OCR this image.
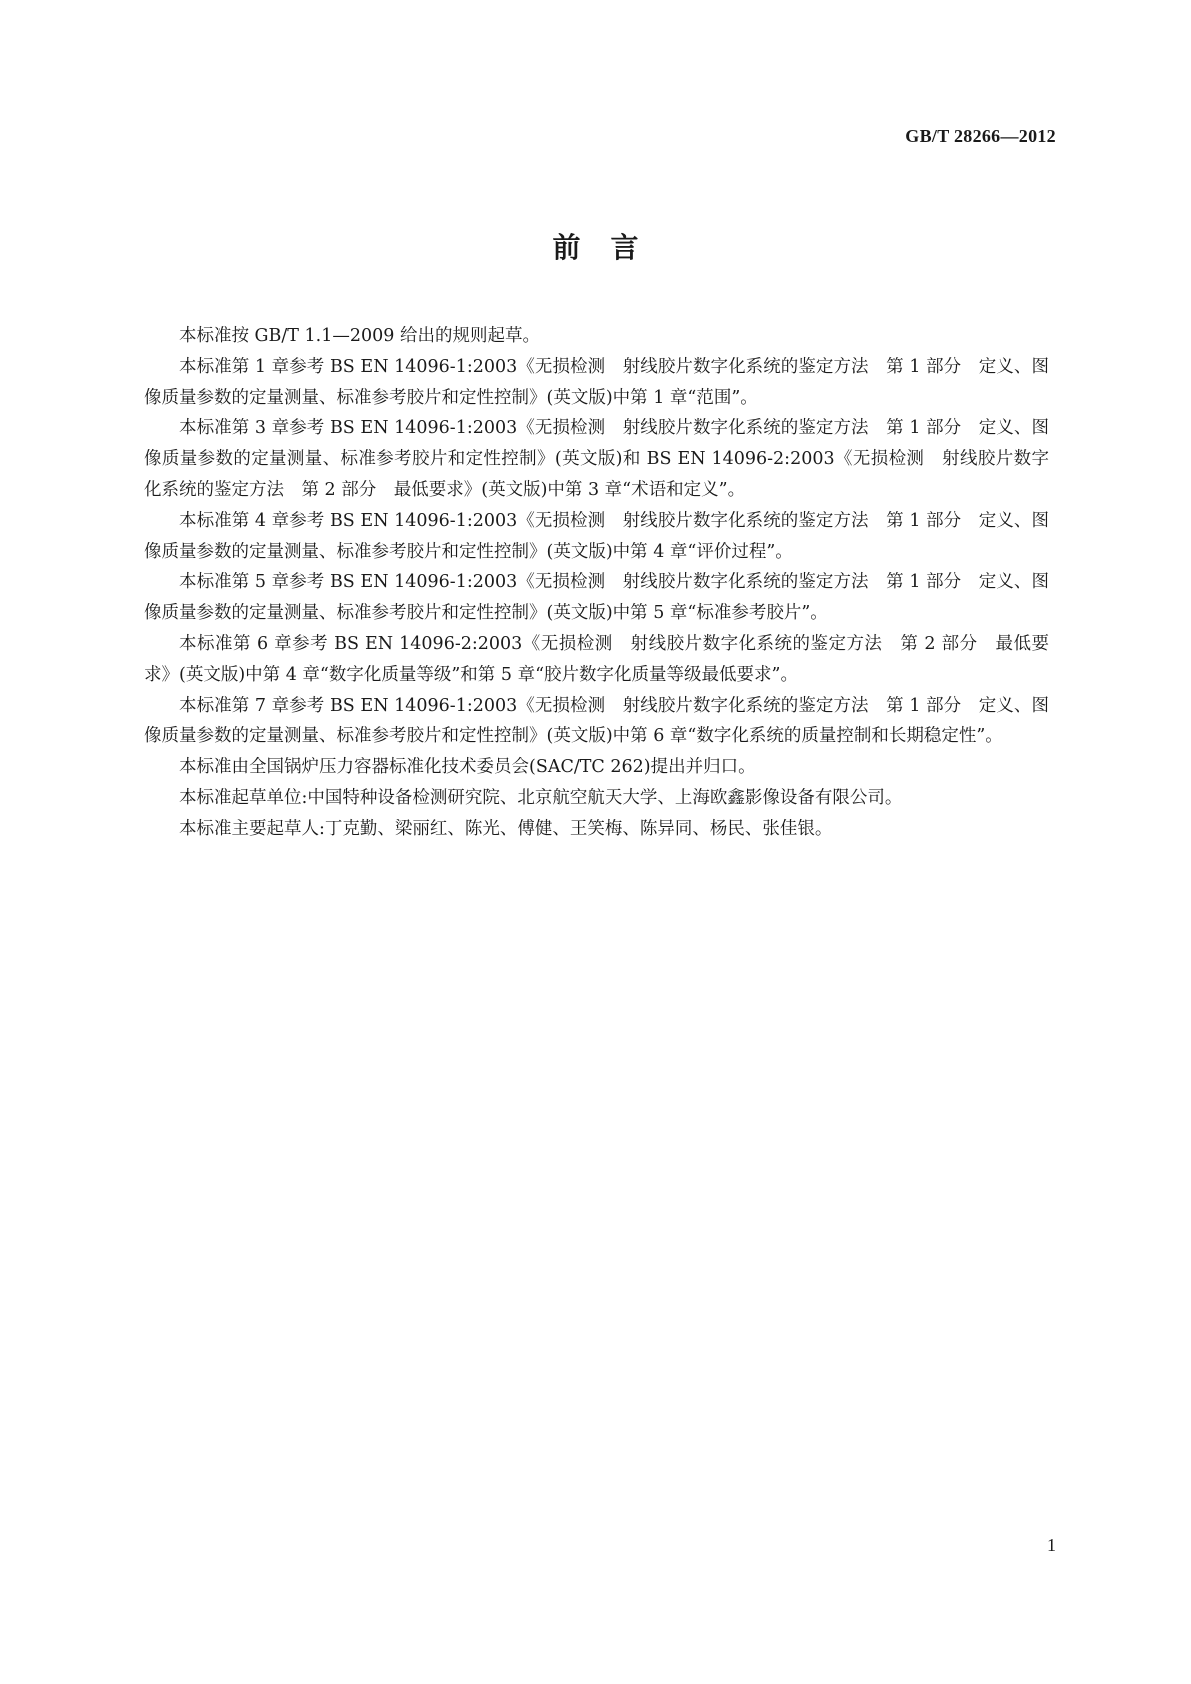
GB/T 28266—2012
前言

本标准按 GB/T 1.1—2009 给出的规则起草。

本标准第 1 章参考 BS EN 14096-1:2003《无损检测　射线胶片数字化系统的鉴定方法　第 1 部分　定义、图像质量参数的定量测量、标准参考胶片和定性控制》(英文版)中第 1 章“范围”。

本标准第 3 章参考 BS EN 14096-1:2003《无损检测　射线胶片数字化系统的鉴定方法　第 1 部分　定义、图像质量参数的定量测量、标准参考胶片和定性控制》(英文版)和 BS EN 14096-2:2003《无损检测　射线胶片数字化系统的鉴定方法　第 2 部分　最低要求》(英文版)中第 3 章“术语和定义”。

本标准第 4 章参考 BS EN 14096-1:2003《无损检测　射线胶片数字化系统的鉴定方法　第 1 部分　定义、图像质量参数的定量测量、标准参考胶片和定性控制》(英文版)中第 4 章“评价过程”。

本标准第 5 章参考 BS EN 14096-1:2003《无损检测　射线胶片数字化系统的鉴定方法　第 1 部分　定义、图像质量参数的定量测量、标准参考胶片和定性控制》(英文版)中第 5 章“标准参考胶片”。

本标准第 6 章参考 BS EN 14096-2:2003《无损检测　射线胶片数字化系统的鉴定方法　第 2 部分　最低要求》(英文版)中第 4 章“数字化质量等级”和第 5 章“胶片数字化质量等级最低要求”。

本标准第 7 章参考 BS EN 14096-1:2003《无损检测　射线胶片数字化系统的鉴定方法　第 1 部分　定义、图像质量参数的定量测量、标准参考胶片和定性控制》(英文版)中第 6 章“数字化系统的质量控制和长期稳定性”。

本标准由全国锅炉压力容器标准化技术委员会(SAC/TC 262)提出并归口。

本标准起草单位:中国特种设备检测研究院、北京航空航天大学、上海欧鑫影像设备有限公司。

本标准主要起草人:丁克勤、梁丽红、陈光、傅健、王笑梅、陈异同、杨民、张佳银。

1
